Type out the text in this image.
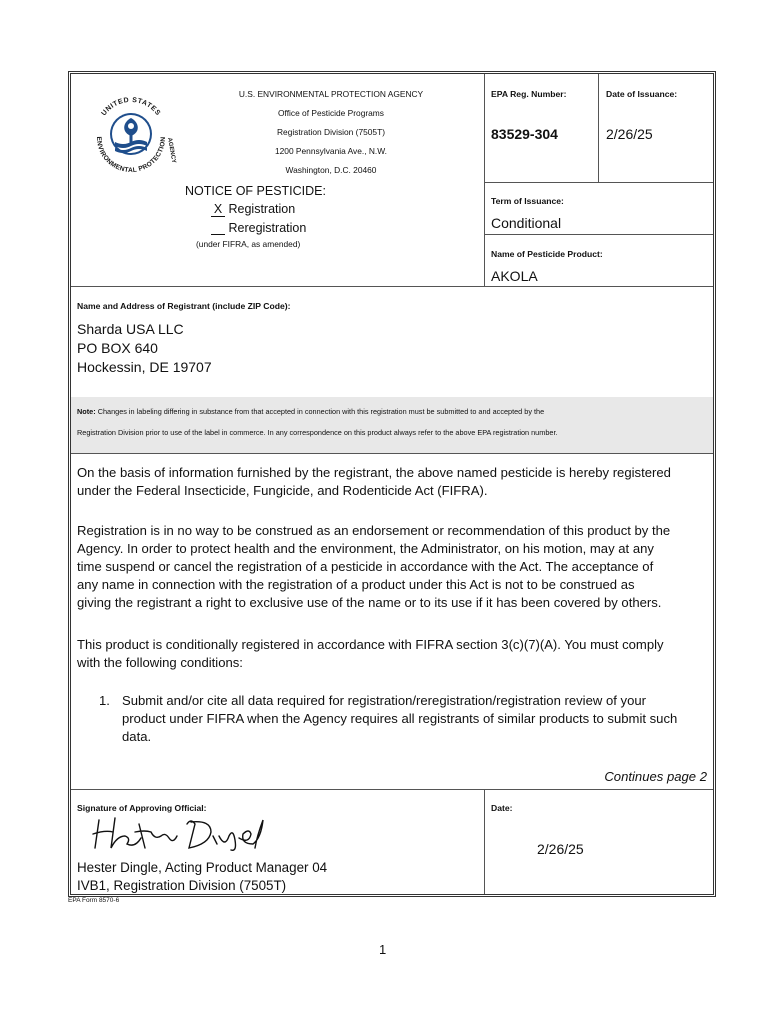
UNITED STATES
ENVIRONMENTAL PROTECTION
AGENCY
U.S. ENVIRONMENTAL PROTECTION AGENCY
Office of Pesticide Programs
Registration Division (7505T)
1200 Pennsylvania Ave., N.W.
Washington, D.C. 20460
NOTICE OF PESTICIDE:
X Registration
Reregistration
(under FIFRA, as amended)
EPA Reg. Number:
83529-304
Date of Issuance:
2/26/25
Term of Issuance:
Conditional
Name of Pesticide Product:
AKOLA
Name and Address of Registrant (include ZIP Code):
Sharda USA LLC
PO BOX 640
Hockessin, DE 19707
Note: Changes in labeling differing in substance from that accepted in connection with this registration must be submitted to and accepted by the
Registration Division prior to use of the label in commerce. In any correspondence on this product always refer to the above EPA registration number.
On the basis of information furnished by the registrant, the above named pesticide is hereby registered
under the Federal Insecticide, Fungicide, and Rodenticide Act (FIFRA).
Registration is in no way to be construed as an endorsement or recommendation of this product by the
Agency. In order to protect health and the environment, the Administrator, on his motion, may at any
time suspend or cancel the registration of a pesticide in accordance with the Act. The acceptance of
any name in connection with the registration of a product under this Act is not to be construed as
giving the registrant a right to exclusive use of the name or to its use if it has been covered by others.
This product is conditionally registered in accordance with FIFRA section 3(c)(7)(A). You must comply
with the following conditions:
1. Submit and/or cite all data required for registration/reregistration/registration review of your
product under FIFRA when the Agency requires all registrants of similar products to submit such
data.
Continues page 2
Signature of Approving Official:
Hester Dingle, Acting Product Manager 04
IVB1, Registration Division (7505T)
Date:
2/26/25
EPA Form 8570-6
1
